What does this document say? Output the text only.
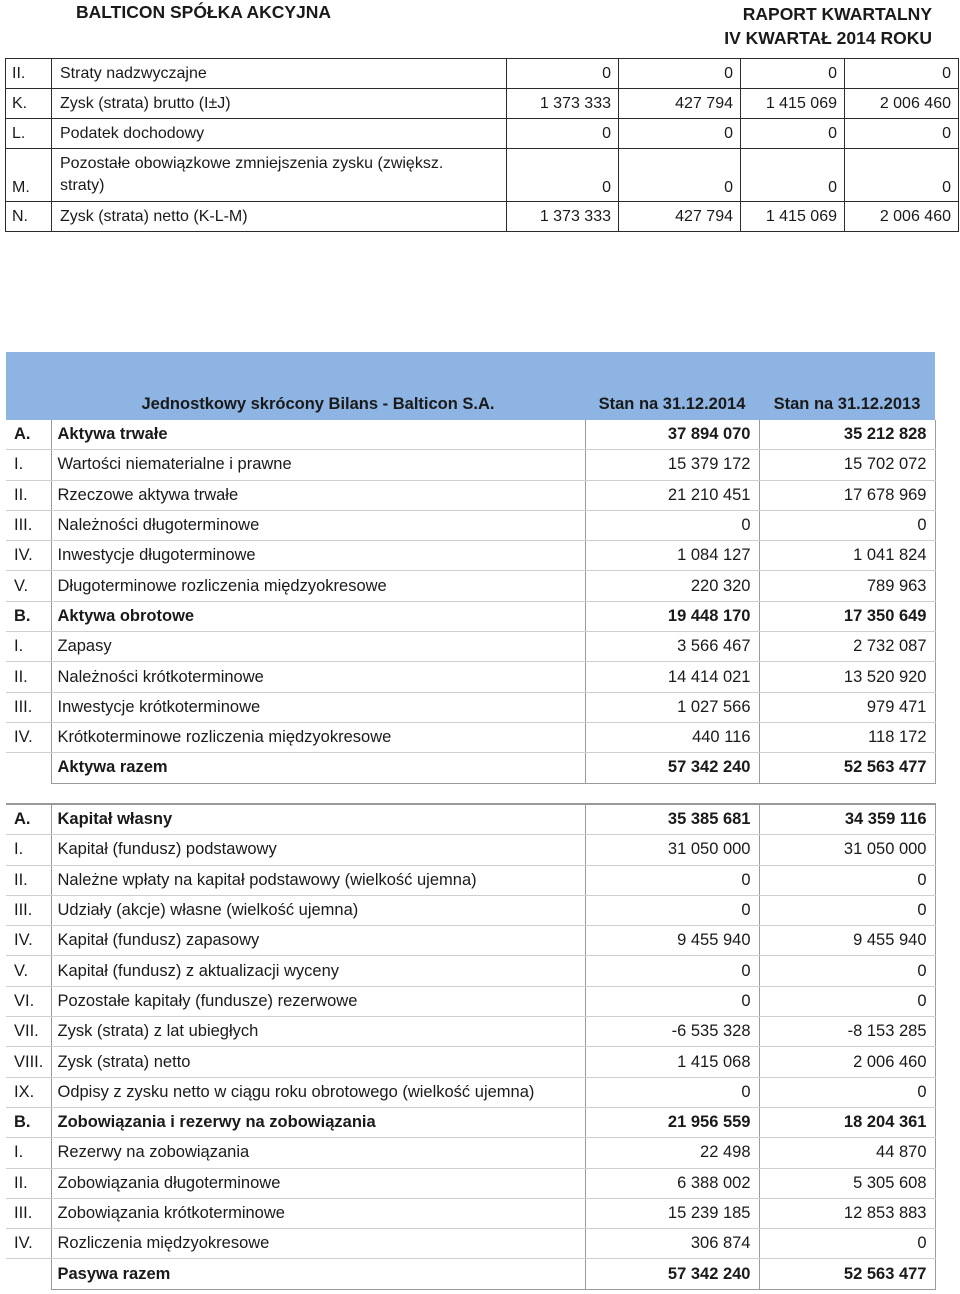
BALTICON SPÓŁKA AKCYJNA	RAPORT KWARTALNY
IV KWARTAŁ 2014 ROKU
II.	Straty nadzwyczajne	0	0	0	0
K.	Zysk (strata) brutto (I±J)	1 373 333	427 794	1 415 069	2 006 460
L.	Podatek dochodowy	0	0	0	0
M.	Pozostałe obowiązkowe zmniejszenia zysku (zwiększ.
straty)	0	0	0	0
N.	Zysk (strata) netto (K-L-M)	1 373 333	427 794	1 415 069	2 006 460
	Jednostkowy skrócony Bilans - Balticon S.A.	Stan na 31.12.2014	Stan na 31.12.2013
A.	Aktywa trwałe	37 894 070	35 212 828
I.	Wartości niematerialne i prawne	15 379 172	15 702 072
II.	Rzeczowe aktywa trwałe	21 210 451	17 678 969
III.	Należności długoterminowe	0	0
IV.	Inwestycje długoterminowe	1 084 127	1 041 824
V.	Długoterminowe rozliczenia międzyokresowe	220 320	789 963
B.	Aktywa obrotowe	19 448 170	17 350 649
I.	Zapasy	3 566 467	2 732 087
II.	Należności krótkoterminowe	14 414 021	13 520 920
III.	Inwestycje krótkoterminowe	1 027 566	979 471
IV.	Krótkoterminowe rozliczenia międzyokresowe	440 116	118 172
	Aktywa razem	57 342 240	52 563 477
A.	Kapitał własny	35 385 681	34 359 116
I.	Kapitał (fundusz) podstawowy	31 050 000	31 050 000
II.	Należne wpłaty na kapitał podstawowy (wielkość ujemna)	0	0
III.	Udziały (akcje) własne (wielkość ujemna)	0	0
IV.	Kapitał (fundusz) zapasowy	9 455 940	9 455 940
V.	Kapitał (fundusz) z aktualizacji wyceny	0	0
VI.	Pozostałe kapitały (fundusze) rezerwowe	0	0
VII.	Zysk (strata) z lat ubiegłych	-6 535 328	-8 153 285
VIII.	Zysk (strata) netto	1 415 068	2 006 460
IX.	Odpisy z zysku netto w ciągu roku obrotowego (wielkość ujemna)	0	0
B.	Zobowiązania i rezerwy na zobowiązania	21 956 559	18 204 361
I.	Rezerwy na zobowiązania	22 498	44 870
II.	Zobowiązania długoterminowe	6 388 002	5 305 608
III.	Zobowiązania krótkoterminowe	15 239 185	12 853 883
IV.	Rozliczenia międzyokresowe	306 874	0
	Pasywa razem	57 342 240	52 563 477
